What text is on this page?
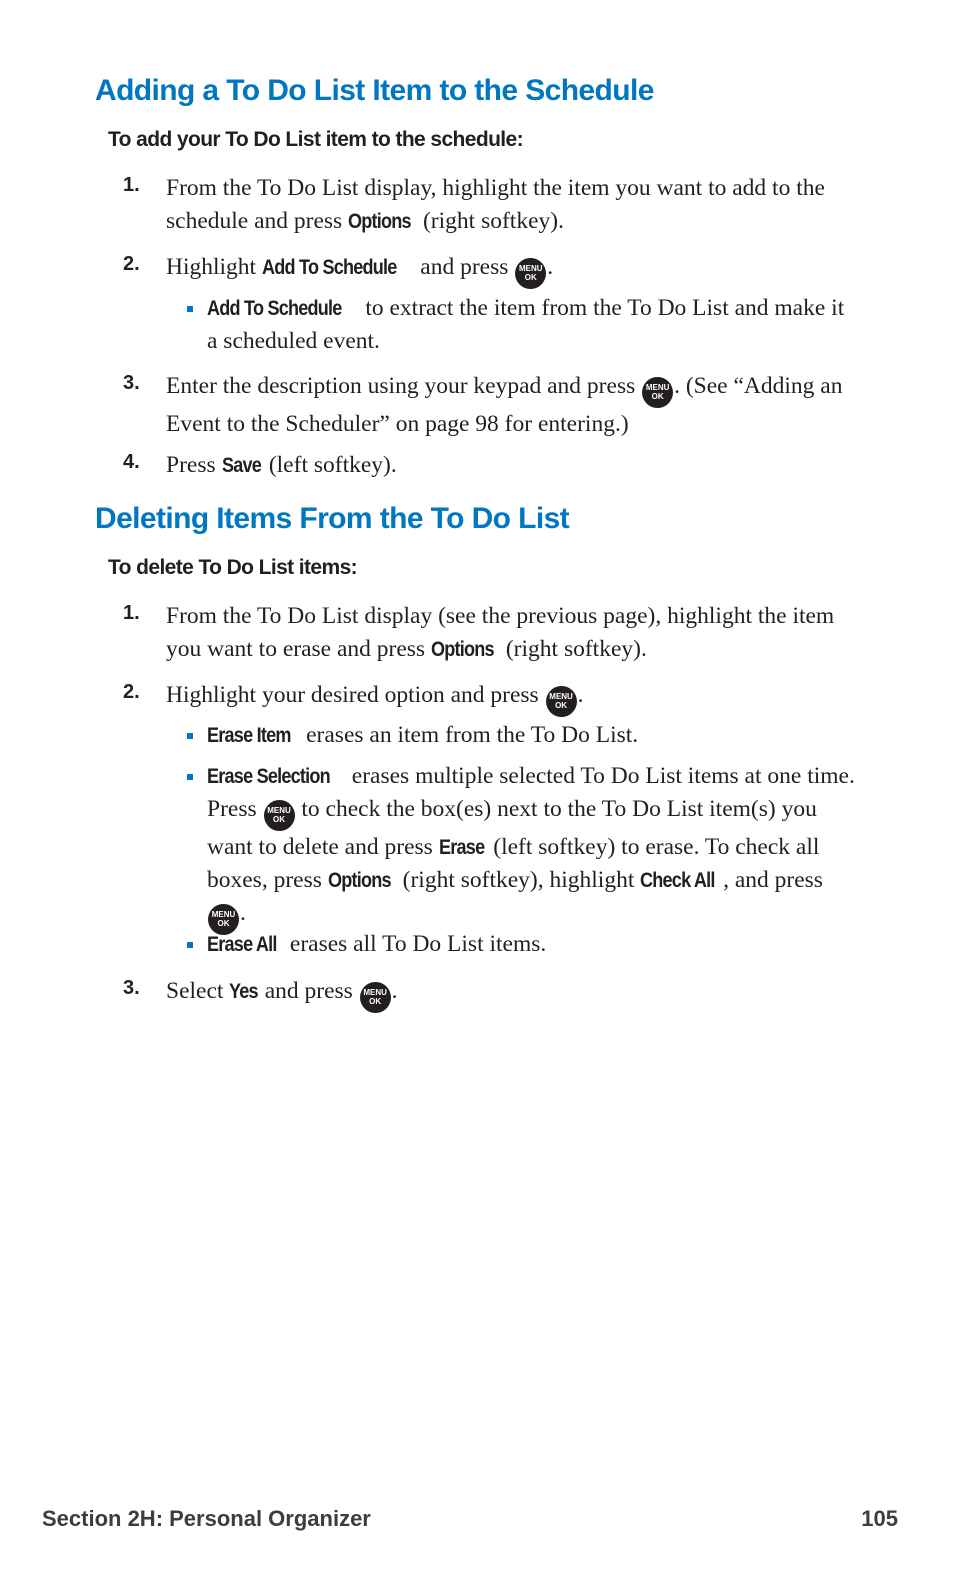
Adding a To Do List Item to the Schedule

To add your To Do List item to the schedule:

1. From the To Do List display, highlight the item you want to add to the schedule and press Options (right softkey).
2. Highlight Add To Schedule and press MENU
OK .
Add To Schedule to extract the item from the To Do List and make it a scheduled event.
3. Enter the description using your keypad and press MENU
OK . (See “Adding an Event to the Scheduler” on page 98 for entering.)
4. Press Save (left softkey).
Deleting Items From the To Do List

To delete To Do List items:

1. From the To Do List display (see the previous page), highlight the item you want to erase and press Options (right softkey).
2. Highlight your desired option and press MENU
OK .
Erase Item erases an item from the To Do List.
Erase Selection erases multiple selected To Do List items at one time. Press MENU
OK to check the box(es) next to the To Do List item(s) you want to delete and press Erase (left softkey) to erase. To check all boxes, press Options (right softkey), highlight Check All , and press
MENU
OK .
Erase All erases all To Do List items.
3. Select Yes and press MENU
OK .
Section 2H: Personal Organizer	105
